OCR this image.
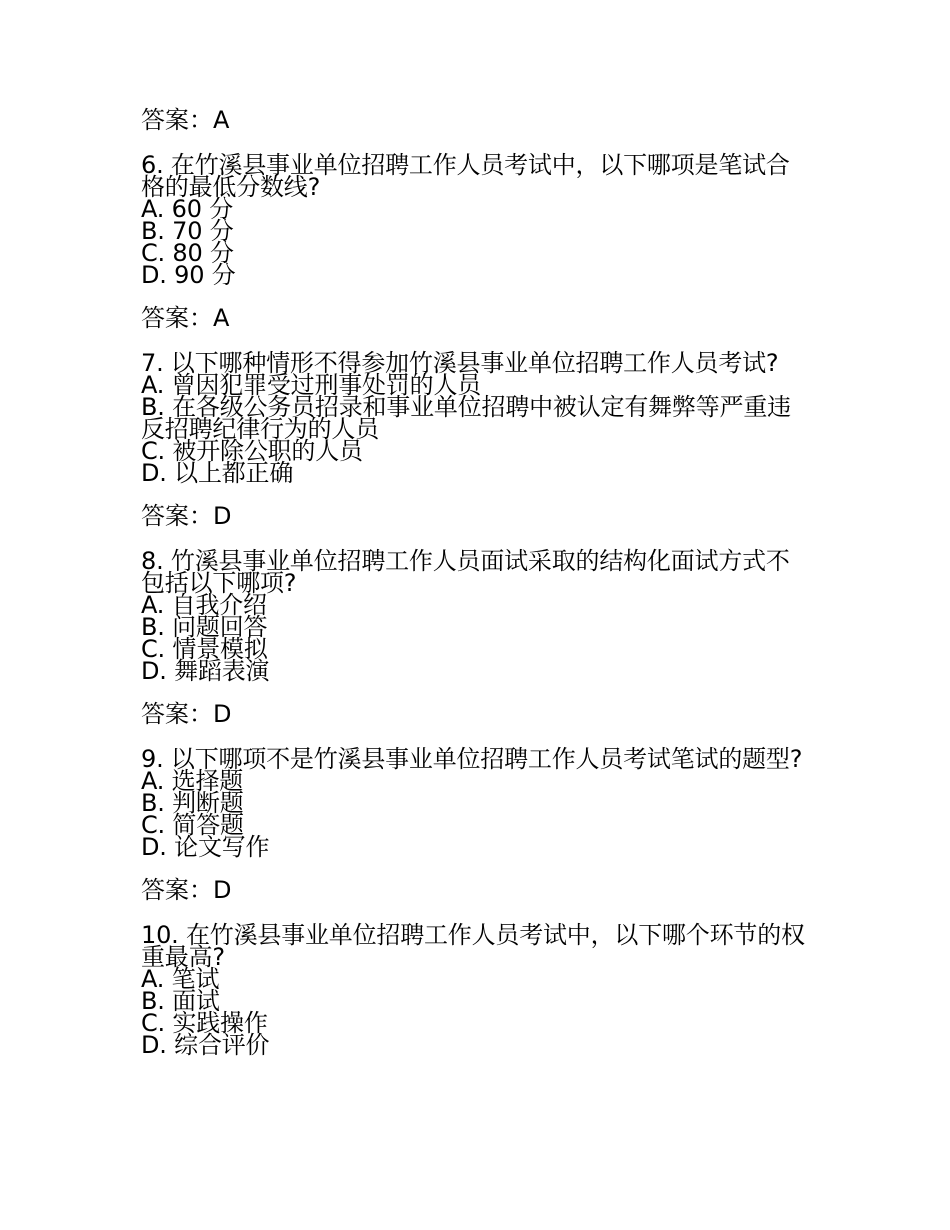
答案：A

6. 在竹溪县事业单位招聘工作人员考试中，以下哪项是笔试合格的最低分数线?

A. 60 分
B. 70 分
C. 80 分
D. 90 分

答案：A

7. 以下哪种情形不得参加竹溪县事业单位招聘工作人员考试?

A. 曾因犯罪受过刑事处罚的人员
B. 在各级公务员招录和事业单位招聘中被认定有舞弊等严重违反招聘纪律行为的人员
C. 被开除公职的人员
D. 以上都正确

答案：D

8. 竹溪县事业单位招聘工作人员面试采取的结构化面试方式不包括以下哪项?

A. 自我介绍
B. 问题回答
C. 情景模拟
D. 舞蹈表演

答案：D

9. 以下哪项不是竹溪县事业单位招聘工作人员考试笔试的题型?

A. 选择题
B. 判断题
C. 简答题
D. 论文写作

答案：D

10. 在竹溪县事业单位招聘工作人员考试中，以下哪个环节的权重最高?

A. 笔试
B. 面试
C. 实践操作
D. 综合评价
